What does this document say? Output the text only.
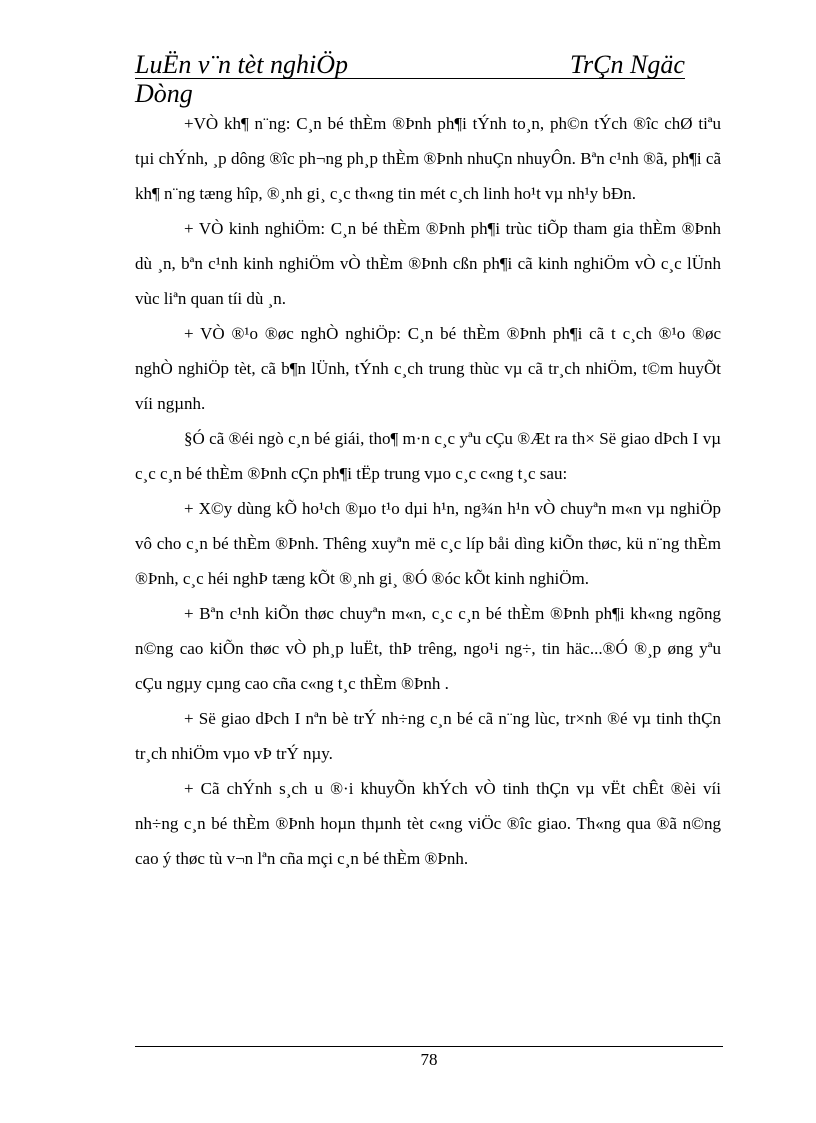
LuËn v¨n tèt nghiÖp	TrÇn Ngäc
Dòng

+VÒ kh¶ n¨ng: C¸n bé thÈm ®Þnh ph¶i tÝnh to¸n, ph©n tÝch ®îc chØ tiªu tµi chÝnh, ¸p dông ®îc ph¬ng ph¸p thÈm ®Þnh nhuÇn nhuyÔn. Bªn c¹nh ®ã, ph¶i cã kh¶ n¨ng tæng hîp, ®¸nh gi¸ c¸c th«ng tin mét c¸ch linh ho¹t vµ nh¹y bÐn.

+ VÒ kinh nghiÖm: C¸n bé thÈm ®Þnh ph¶i trùc tiÕp tham gia thÈm ®Þnh dù ¸n, bªn c¹nh kinh nghiÖm vÒ thÈm ®Þnh cßn ph¶i cã kinh nghiÖm vÒ c¸c lÜnh vùc liªn quan tíi dù ¸n.

+ VÒ ®¹o ®øc nghÒ nghiÖp: C¸n bé thÈm ®Þnh ph¶i cã t c¸ch ®¹o ®øc nghÒ nghiÖp tèt, cã b¶n lÜnh, tÝnh c¸ch trung thùc vµ cã tr¸ch nhiÖm, t©m huyÕt víi ngµnh.

§Ó cã ®éi ngò c¸n bé giái, tho¶ m·n c¸c yªu cÇu ®Æt ra th× Së giao dÞch I vµ c¸c c¸n bé thÈm ®Þnh cÇn ph¶i tËp trung vµo c¸c c«ng t¸c sau:

+ X©y dùng kÕ ho¹ch ®µo t¹o dµi h¹n, ng¾n h¹n vÒ chuyªn m«n vµ nghiÖp vô cho c¸n bé thÈm ®Þnh. Thêng xuyªn më c¸c líp båi dìng kiÕn thøc, kü n¨ng thÈm ®Þnh, c¸c héi nghÞ tæng kÕt ®¸nh gi¸ ®Ó ®óc kÕt kinh nghiÖm.

+ Bªn c¹nh kiÕn thøc chuyªn m«n, c¸c c¸n bé thÈm ®Þnh ph¶i kh«ng ngõng n©ng cao kiÕn thøc vÒ ph¸p luËt, thÞ trêng, ngo¹i ng÷, tin häc...®Ó ®¸p øng yªu cÇu ngµy cµng cao cña c«ng t¸c thÈm ®Þnh .

+ Së giao dÞch I nªn bè trÝ nh÷ng c¸n bé cã n¨ng lùc, tr×nh ®é vµ tinh thÇn tr¸ch nhiÖm vµo vÞ trÝ nµy.

+ Cã chÝnh s¸ch u ®·i khuyÕn khÝch vÒ tinh thÇn vµ vËt chÊt ®èi víi nh÷ng c¸n bé thÈm ®Þnh hoµn thµnh tèt c«ng viÖc ®îc giao. Th«ng qua ®ã n©ng cao ý thøc tù v¬n lªn cña mçi c¸n bé thÈm ®Þnh.

78
